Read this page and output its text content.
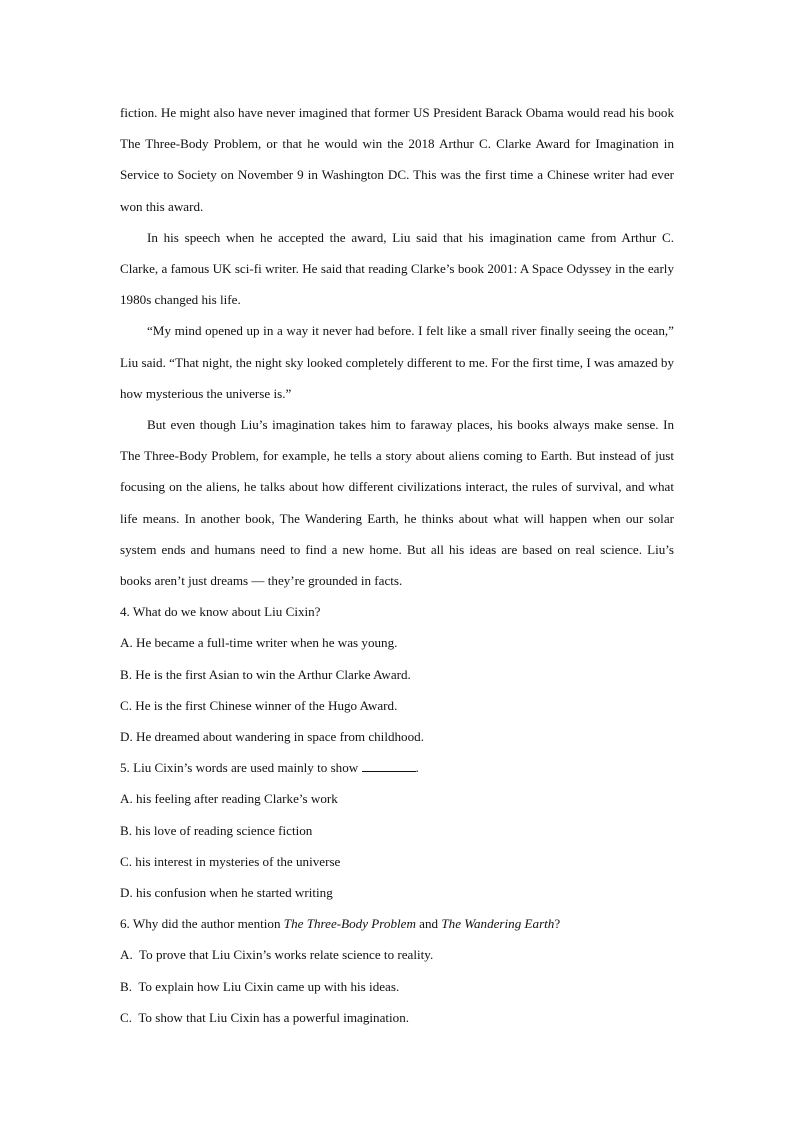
fiction. He might also have never imagined that former US President Barack Obama would read his book The Three-Body Problem, or that he would win the 2018 Arthur C. Clarke Award for Imagination in Service to Society on November 9 in Washington DC. This was the first time a Chinese writer had ever won this award.

In his speech when he accepted the award, Liu said that his imagination came from Arthur C. Clarke, a famous UK sci-fi writer. He said that reading Clarke’s book 2001: A Space Odyssey in the early 1980s changed his life.

“My mind opened up in a way it never had before. I felt like a small river finally seeing the ocean,” Liu said. “That night, the night sky looked completely different to me. For the first time, I was amazed by how mysterious the universe is.”

But even though Liu’s imagination takes him to faraway places, his books always make sense. In The Three-Body Problem, for example, he tells a story about aliens coming to Earth. But instead of just focusing on the aliens, he talks about how different civilizations interact, the rules of survival, and what life means. In another book, The Wandering Earth, he thinks about what will happen when our solar system ends and humans need to find a new home. But all his ideas are based on real science. Liu’s books aren’t just dreams — they’re grounded in facts.

4. What do we know about Liu Cixin?

A. He became a full-time writer when he was young.

B. He is the first Asian to win the Arthur Clarke Award.

C. He is the first Chinese winner of the Hugo Award.

D. He dreamed about wandering in space from childhood.

5. Liu Cixin’s words are used mainly to show	.

A. his feeling after reading Clarke’s work

B. his love of reading science fiction

C. his interest in mysteries of the universe

D. his confusion when he started writing

6. Why did the author mention The Three-Body Problem and The Wandering Earth?

A.  To prove that Liu Cixin’s works relate science to reality.

B.  To explain how Liu Cixin came up with his ideas.

C.  To show that Liu Cixin has a powerful imagination.
